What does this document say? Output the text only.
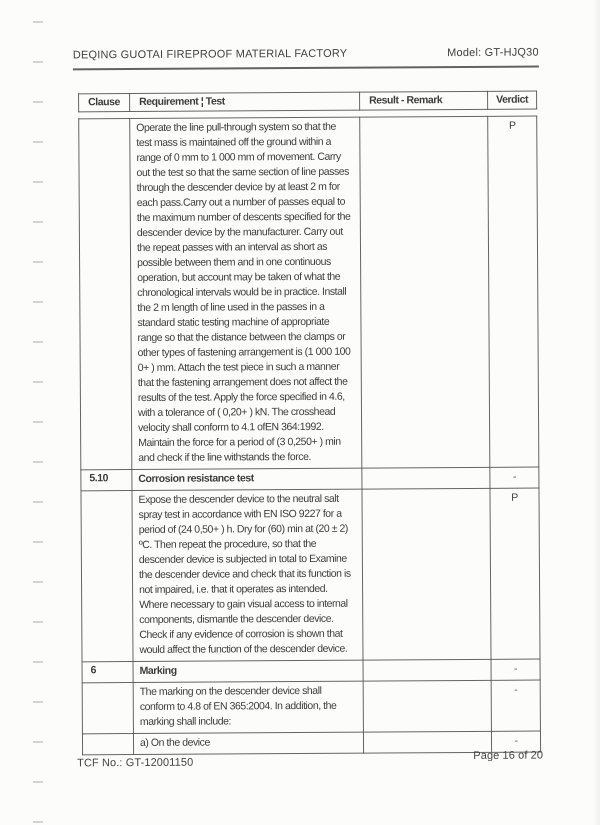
DEQING GUOTAI FIREPROOF MATERIAL FACTORY	Model: GT-HJQ30
Clause	Requirement ¦ Test	Result - Remark	Verdict
	Operate the line pull-through system so that the test mass is maintained off the ground within a range of 0 mm to 1 000 mm of movement. Carry out the test so that the same section of line passes through the descender device by at least 2 m for each pass.Carry out a number of passes equal to the maximum number of descents specified for the descender device by the manufacturer. Carry out the repeat passes with an interval as short as possible between them and in one continuous operation, but account may be taken of what the chronological intervals would be in practice. Install the 2 m length of line used in the passes in a standard static testing machine of appropriate range so that the distance between the clamps or other types of fastening arrangement is (1 000 100 0+ ) mm. Attach the test piece in such a manner that the fastening arrangement does not affect the results of the test. Apply the force specified in 4.6, with a tolerance of ( 0,20+ ) kN. The crosshead velocity shall conform to 4.1 ofEN 364:1992. Maintain the force for a period of (3 0,250+ ) min and check if the line withstands the force.		P
5.10	Corrosion resistance test		-
	Expose the descender device to the neutral salt spray test in accordance with EN ISO 9227 for a period of (24 0,50+ ) h. Dry for (60) min at (20 ± 2) ºC. Then repeat the procedure, so that the descender device is subjected in total to Examine the descender device and check that its function is not impaired, i.e. that it operates as intended. Where necessary to gain visual access to internal components, dismantle the descender device. Check if any evidence of corrosion is shown that would affect the function of the descender device.		P
6	Marking		-
	The marking on the descender device shall conform to 4.8 of EN 365:2004. In addition, the marking shall include:		-
	a) On the device		-
TCF No.: GT-12001150
Page 16 of 20
